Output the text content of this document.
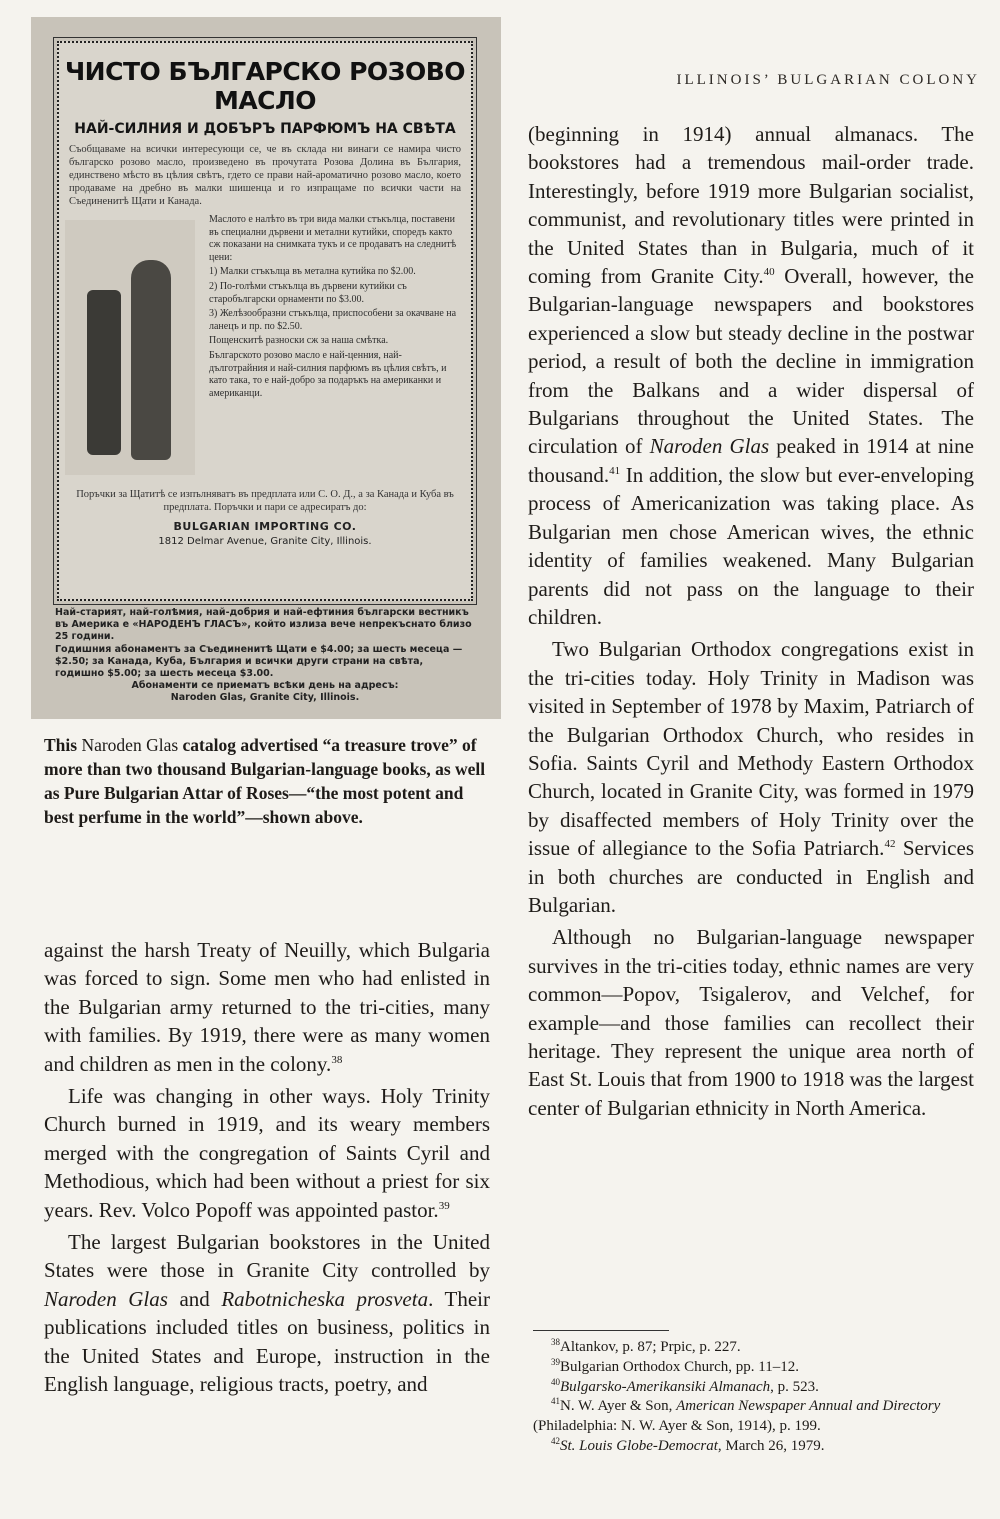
ILLINOIS’ BULGARIAN COLONY
ЧИСТО БЪЛГАРСКО РОЗОВО МАСЛО
НАЙ-СИЛНИЯ И ДОБЪРЪ ПАРФЮМЪ НА СВѢТА

Съобщаваме на всички интересующи се, че въ склада ни винаги се намира чисто българско розово масло, произведено въ прочутата Розова Долина въ България, единствено мѣсто въ цѣлия свѣтъ, гдето се прави най-ароматично розово масло, което продаваме на дребно въ малки шишенца и го изпращаме по всички части на Съединенитѣ Щати и Канада.

Маслото е налѣто въ три вида малки стъкълца, поставени въ специални дървени и метални кутийки, споредъ както сж показани на снимката тукъ и се продаватъ на следнитѣ цени:

1) Малки стъкълца въ метална кутийка по $2.00.

2) По-голѣми стъкълца въ дървени кутийки съ старобългарски орнаменти по $3.00.

3) Желѣзообразни стъкълца, приспособени за окачване на ланецъ и пр. по $2.50.

Пощенскитѣ разноски сж за наша смѣтка.

Българското розово масло е най-ценния, най-дълготрайния и най-силния парфюмъ въ цѣлия свѣтъ, и като така, то е най-добро за подаръкъ на американки и американци.

Поръчки за Щатитѣ се изпълняватъ въ предплата или С. О. Д., а за Канада и Куба въ предплата. Поръчки и пари се адресиратъ до:

BULGARIAN IMPORTING CO.
1812 Delmar Avenue, Granite City, Illinois.
Най-старият, най-голѣмия, най-добрия и най-ефтиния български вестникъ въ Америка е «НАРОДЕНЪ ГЛАСЪ», който излиза вече непрекъснато близо 25 години.
Годишния абонаментъ за Съединенитѣ Щати е $4.00; за шесть месеца — $2.50; за Канада, Куба, България и всички други страни на свѣта, годишно $5.00; за шесть месеца $3.00.
Абонаменти се приематъ всѣки день на адресъ:
Naroden Glas, Granite City, Illinois.
This Naroden Glas catalog advertised “a treasure trove” of more than two thousand Bulgarian-language books, as well as Pure Bulgarian Attar of Roses—“the most potent and best perfume in the world”—shown above.

against the harsh Treaty of Neuilly, which Bulgaria was forced to sign. Some men who had enlisted in the Bulgarian army returned to the tri-cities, many with families. By 1919, there were as many women and children as men in the colony.$^{38}$

Life was changing in other ways. Holy Trinity Church burned in 1919, and its weary members merged with the congregation of Saints Cyril and Methodious, which had been without a priest for six years. Rev. Volco Popoff was appointed pastor.$^{39}$

The largest Bulgarian bookstores in the United States were those in Granite City controlled by Naroden Glas and Rabotnicheska prosveta. Their publications included titles on business, politics in the United States and Europe, instruction in the English language, religious tracts, poetry, and

(beginning in 1914) annual almanacs. The bookstores had a tremendous mail-order trade. Interestingly, before 1919 more Bulgarian socialist, communist, and revolutionary titles were printed in the United States than in Bulgaria, much of it coming from Granite City.$^{40}$ Overall, however, the Bulgarian-language newspapers and bookstores experienced a slow but steady decline in the postwar period, a result of both the decline in immigration from the Balkans and a wider dispersal of Bulgarians throughout the United States. The circulation of Naroden Glas peaked in 1914 at nine thousand.$^{41}$ In addition, the slow but ever-enveloping process of Americanization was taking place. As Bulgarian men chose American wives, the ethnic identity of families weakened. Many Bulgarian parents did not pass on the language to their children.

Two Bulgarian Orthodox congregations exist in the tri-cities today. Holy Trinity in Madison was visited in September of 1978 by Maxim, Patriarch of the Bulgarian Orthodox Church, who resides in Sofia. Saints Cyril and Methody Eastern Orthodox Church, located in Granite City, was formed in 1979 by disaffected members of Holy Trinity over the issue of allegiance to the Sofia Patriarch.$^{42}$ Services in both churches are conducted in English and Bulgarian.

Although no Bulgarian-language newspaper survives in the tri-cities today, ethnic names are very common—Popov, Tsigalerov, and Velchef, for example—and those families can recollect their heritage. They represent the unique area north of East St. Louis that from 1900 to 1918 was the largest center of Bulgarian ethnicity in North America.

$^{38}$Altankov, p. 87; Prpic, p. 227.
$^{39}$Bulgarian Orthodox Church, pp. 11–12.
$^{40}$Bulgarsko-Amerikansiki Almanach, p. 523.
$^{41}$N. W. Ayer & Son, American Newspaper Annual and Directory (Philadelphia: N. W. Ayer & Son, 1914), p. 199.
$^{42}$St. Louis Globe-Democrat, March 26, 1979.
